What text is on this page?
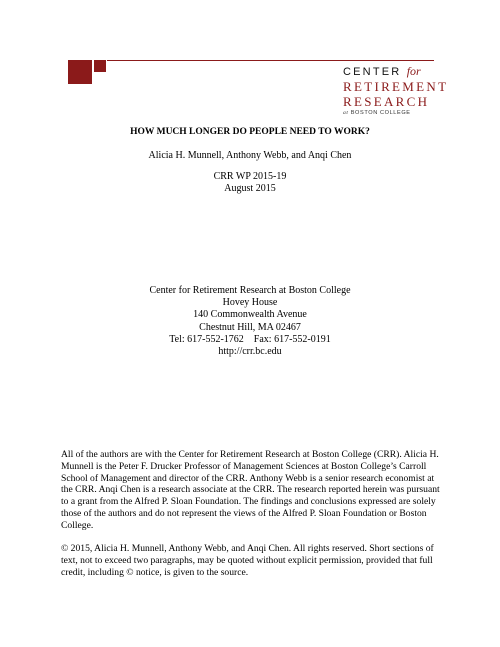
CENTER for
RETIREMENT
RESEARCH
at BOSTON COLLEGE
HOW MUCH LONGER DO PEOPLE NEED TO WORK?
Alicia H. Munnell, Anthony Webb, and Anqi Chen
CRR WP 2015-19
August 2015
Center for Retirement Research at Boston College
Hovey House
140 Commonwealth Avenue
Chestnut Hill, MA 02467
Tel: 617-552-1762    Fax: 617-552-0191
http://crr.bc.edu
All of the authors are with the Center for Retirement Research at Boston College (CRR). Alicia H. Munnell is the Peter F. Drucker Professor of Management Sciences at Boston College’s Carroll School of Management and director of the CRR. Anthony Webb is a senior research economist at the CRR. Anqi Chen is a research associate at the CRR. The research reported herein was pursuant to a grant from the Alfred P. Sloan Foundation. The findings and conclusions expressed are solely those of the authors and do not represent the views of the Alfred P. Sloan Foundation or Boston College.
© 2015, Alicia H. Munnell, Anthony Webb, and Anqi Chen. All rights reserved. Short sections of text, not to exceed two paragraphs, may be quoted without explicit permission, provided that full credit, including © notice, is given to the source.
